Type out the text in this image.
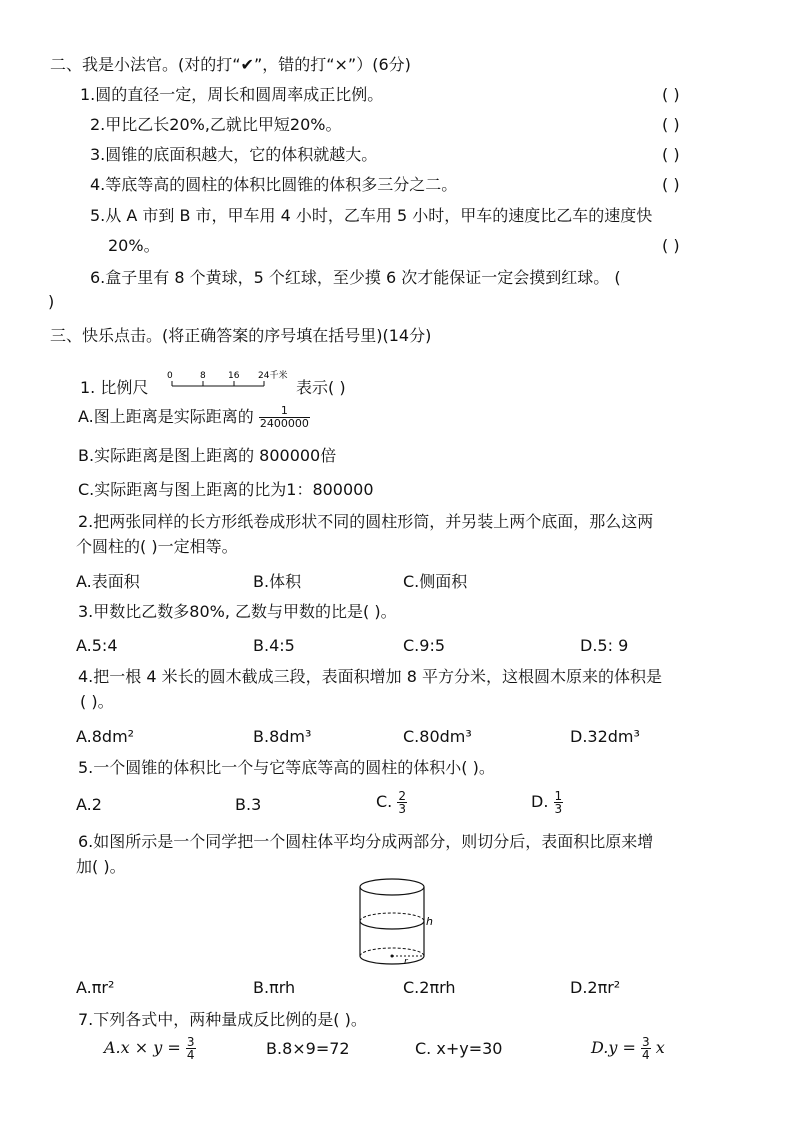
二、我是小法官。(对的打“✔”，错的打“×”）(6分)
1.圆的直径一定，周长和圆周率成正比例。	( )
2.甲比乙长20%,乙就比甲短20%。	( )
3.圆锥的底面积越大，它的体积就越大。	( )
4.等底等高的圆柱的体积比圆锥的体积多三分之二。	( )
5.从 A 市到 B 市，甲车用 4 小时，乙车用 5 小时，甲车的速度比乙车的速度快
20%。	( )
6.盒子里有 8 个黄球，5 个红球，至少摸 6 次才能保证一定会摸到红球。 (
)
三、快乐点击。(将正确答案的序号填在括号里)(14分)
1. 比例尺
0	8 16 24千米
表示( )
A.图上距离是实际距离的 $\frac{1}{2400000}$
B.实际距离是图上距离的 800000倍
C.实际距离与图上距离的比为1：800000
2.把两张同样的长方形纸卷成形状不同的圆柱形筒，并另装上两个底面，那么这两
个圆柱的( )一定相等。
A.表面积	B.体积	C.侧面积
3.甲数比乙数多80%, 乙数与甲数的比是( )。
A.5:4	B.4:5	C.9:5	D.5: 9
4.把一根 4 米长的圆木截成三段，表面积增加 8 平方分米，这根圆木原来的体积是
( )。
A.8dm²	B.8dm³	C.80dm³	D.32dm³
5.一个圆锥的体积比一个与它等底等高的圆柱的体积小( )。
A.2	B.3	C. $\frac{2}{3}$	D. $\frac{1}{3}$
6.如图所示是一个同学把一个圆柱体平均分成两部分，则切分后，表面积比原来增
加( )。
h
r
A.πr²	B.πrh	C.2πrh	D.2πr²
7.下列各式中，两种量成反比例的是( )。
$A.x \times y = \frac{3}{4}$	B.8×9=72	C. x+y=30	$D.y = \frac{3}{4}$ x
